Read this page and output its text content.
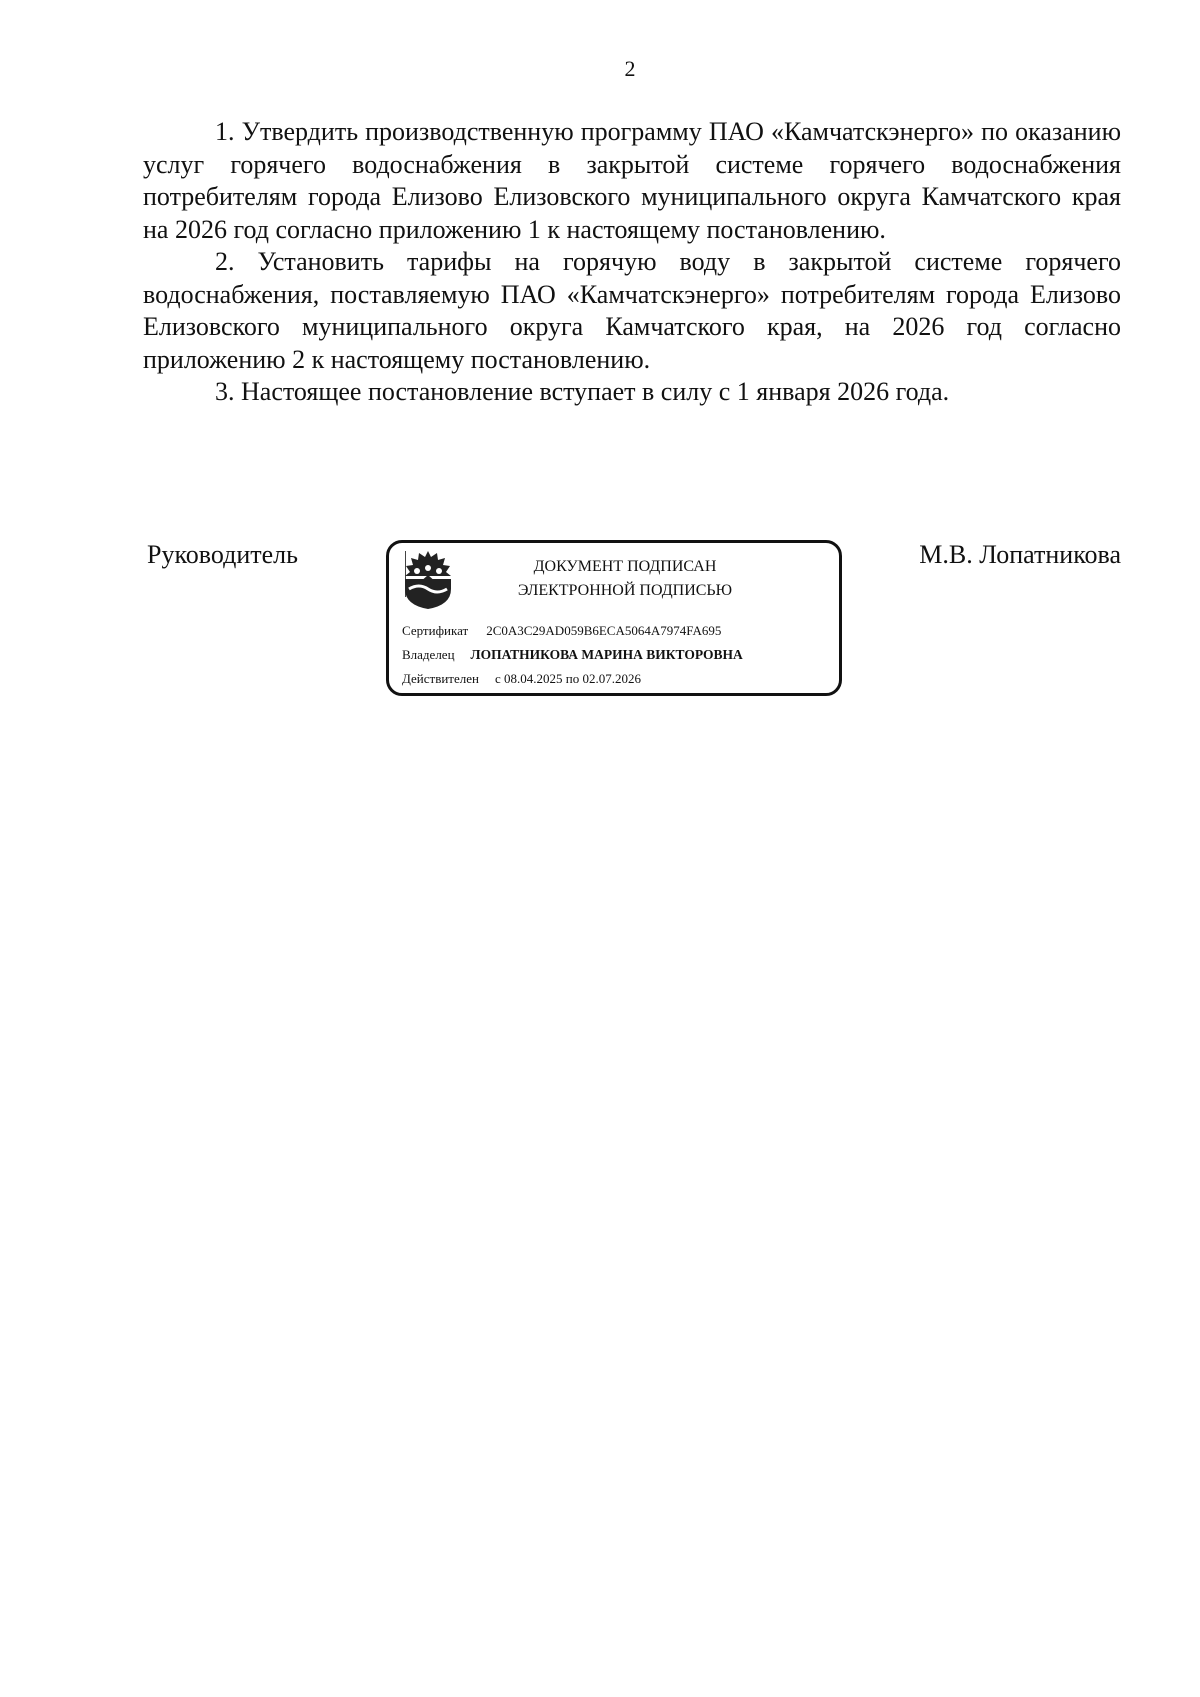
2

1. Утвердить производственную программу ПАО «Камчатскэнерго» по оказанию услуг горячего водоснабжения в закрытой системе горячего водоснабжения потребителям города Елизово Елизовского муниципального округа Камчатского края на 2026 год согласно приложению 1 к настоящему постановлению.

2. Установить тарифы на горячую воду в закрытой системе горячего водоснабжения, поставляемую ПАО «Камчатскэнерго» потребителям города Елизово Елизовского муниципального округа Камчатского края, на 2026 год согласно приложению 2 к настоящему постановлению.

3. Настоящее постановление вступает в силу с 1 января 2026 года.

Руководитель	ДОКУМЕНТ ПОДПИСАН
ЭЛЕКТРОННОЙ ПОДПИСЬЮ
Сертификат 2C0A3C29AD059B6ECA5064A7974FA695
Владелец ЛОПАТНИКОВА МАРИНА ВИКТОРОВНА
Действителен с 08.04.2025 по 02.07.2026
М.В. Лопатникова
